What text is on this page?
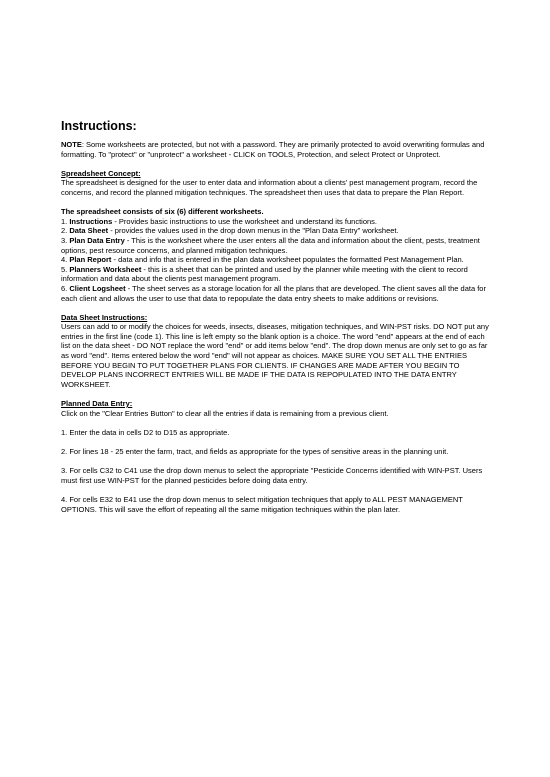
Instructions:

NOTE: Some worksheets are protected, but not with a password. They are primarily protected to avoid overwriting formulas and formatting. To "protect" or "unprotect" a worksheet - CLICK on TOOLS, Protection, and select Protect or Unprotect.

Spreadsheet Concept:

The spreadsheet is designed for the user to enter data and information about a clients' pest management program, record the concerns, and record the planned mitigation techniques. The spreadsheet then uses that data to prepare the Plan Report.

The spreadsheet consists of six (6) different worksheets.

1. Instructions - Provides basic instructions to use the worksheet and understand its functions.

2. Data Sheet - provides the values used in the drop down menus in the "Plan Data Entry" worksheet.

3. Plan Data Entry - This is the worksheet where the user enters all the data and information about the client, pests, treatment options, pest resource concerns, and planned mitigation techniques.

4. Plan Report - data and info that is entered in the plan data worksheet populates the formatted Pest Management Plan.

5. Planners Worksheet - this is a sheet that can be printed and used by the planner while meeting with the client to record information and data about the clients pest management program.

6. Client Logsheet - The sheet serves as a storage location for all the plans that are developed. The client saves all the data for each client and allows the user to use that data to repopulate the data entry sheets to make additions or revisions.

Data Sheet Instructions:

Users can add to or modify the choices for weeds, insects, diseases, mitigation techniques, and WIN-PST risks. DO NOT put any entries in the first line (code 1). This line is left empty so the blank option is a choice. The word "end" appears at the end of each list on the data sheet - DO NOT replace the word "end" or add items below "end". The drop down menus are only set to go as far as word "end". Items entered below the word "end" will not appear as choices. MAKE SURE YOU SET ALL THE ENTRIES BEFORE YOU BEGIN TO PUT TOGETHER PLANS FOR CLIENTS. IF CHANGES ARE MADE AFTER YOU BEGIN TO DEVELOP PLANS INCORRECT ENTRIES WILL BE MADE IF THE DATA IS REPOPULATED INTO THE DATA ENTRY WORKSHEET.

Planned Data Entry:

Click on the "Clear Entries Button" to clear all the entries if data is remaining from a previous client.

1. Enter the data in cells D2 to D15 as appropriate.

2. For lines 18 - 25 enter the farm, tract, and fields as appropriate for the types of sensitive areas in the planning unit.

3. For cells C32 to C41 use the drop down menus to select the appropriate "Pesticide Concerns identified with WIN-PST. Users must first use WIN-PST for the planned pesticides before doing data entry.

4. For cells E32 to E41 use the drop down menus to select mitigation techniques that apply to ALL PEST MANAGEMENT OPTIONS. This will save the effort of repeating all the same mitigation techniques within the plan later.
